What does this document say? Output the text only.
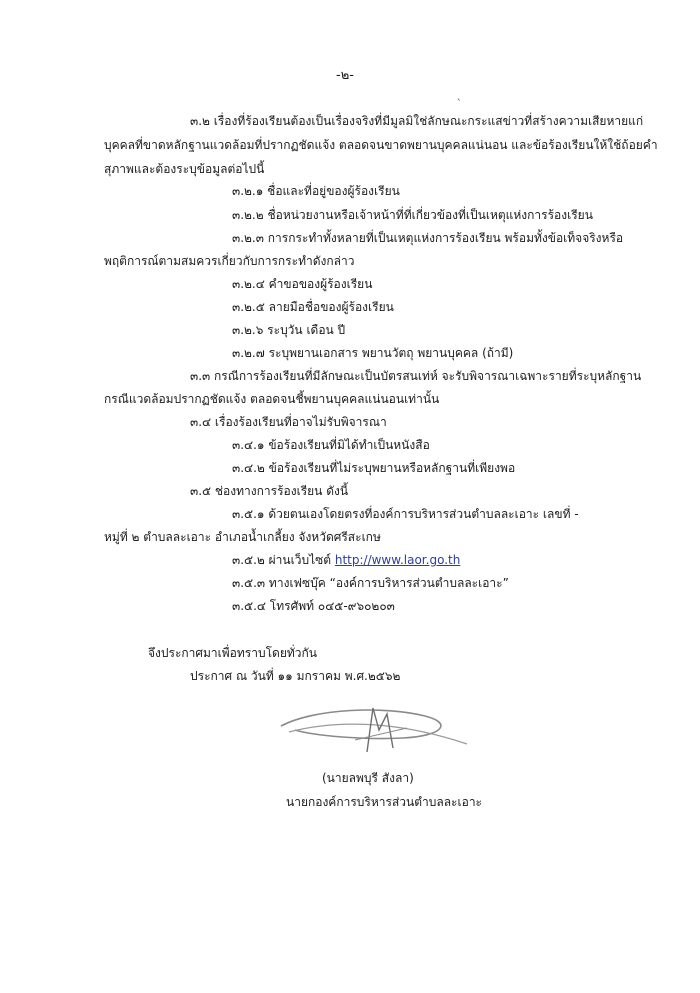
-๒-
ˋ
๓.๒ เรื่องที่ร้องเรียนต้องเป็นเรื่องจริงที่มีมูลมิใช่ลักษณะกระแสข่าวที่สร้างความเสียหายแก่
บุคคลที่ขาดหลักฐานแวดล้อมที่ปรากฏชัดแจ้ง ตลอดจนขาดพยานบุคคลแน่นอน และข้อร้องเรียนให้ใช้ถ้อยคำ
สุภาพและต้องระบุข้อมูลต่อไปนี้
๓.๒.๑ ชื่อและที่อยู่ของผู้ร้องเรียน
๓.๒.๒ ชื่อหน่วยงานหรือเจ้าหน้าที่ที่เกี่ยวข้องที่เป็นเหตุแห่งการร้องเรียน
๓.๒.๓ การกระทำทั้งหลายที่เป็นเหตุแห่งการร้องเรียน พร้อมทั้งข้อเท็จจริงหรือ
พฤติการณ์ตามสมควรเกี่ยวกับการกระทำดังกล่าว
๓.๒.๔ คำขอของผู้ร้องเรียน
๓.๒.๕ ลายมือชื่อของผู้ร้องเรียน
๓.๒.๖ ระบุวัน เดือน ปี
๓.๒.๗ ระบุพยานเอกสาร พยานวัตถุ พยานบุคคล (ถ้ามี)
๓.๓ กรณีการร้องเรียนที่มีลักษณะเป็นบัตรสนเท่ห์ จะรับพิจารณาเฉพาะรายที่ระบุหลักฐาน
กรณีแวดล้อมปรากฏชัดแจ้ง ตลอดจนชี้พยานบุคคลแน่นอนเท่านั้น
๓.๔ เรื่องร้องเรียนที่อาจไม่รับพิจารณา
๓.๔.๑ ข้อร้องเรียนที่มิได้ทำเป็นหนังสือ
๓.๔.๒ ข้อร้องเรียนที่ไม่ระบุพยานหรือหลักฐานที่เพียงพอ
๓.๕ ช่องทางการร้องเรียน ดังนี้
๓.๕.๑ ด้วยตนเองโดยตรงที่องค์การบริหารส่วนตำบลละเอาะ เลขที่ -
หมู่ที่ ๒ ตำบลละเอาะ อำเภอน้ำเกลี้ยง จังหวัดศรีสะเกษ
๓.๕.๒ ผ่านเว็บไซต์ http://www.laor.go.th
๓.๕.๓ ทางเฟซบุ๊ค “องค์การบริหารส่วนตำบลละเอาะ”
๓.๕.๔ โทรศัพท์ ๐๔๕-๙๖๐๒๐๓
จึงประกาศมาเพื่อทราบโดยทั่วกัน
ประกาศ ณ วันที่ ๑๑ มกราคม พ.ศ.๒๕๖๒
(นายลพบุรี สังลา)
นายกองค์การบริหารส่วนตำบลละเอาะ
